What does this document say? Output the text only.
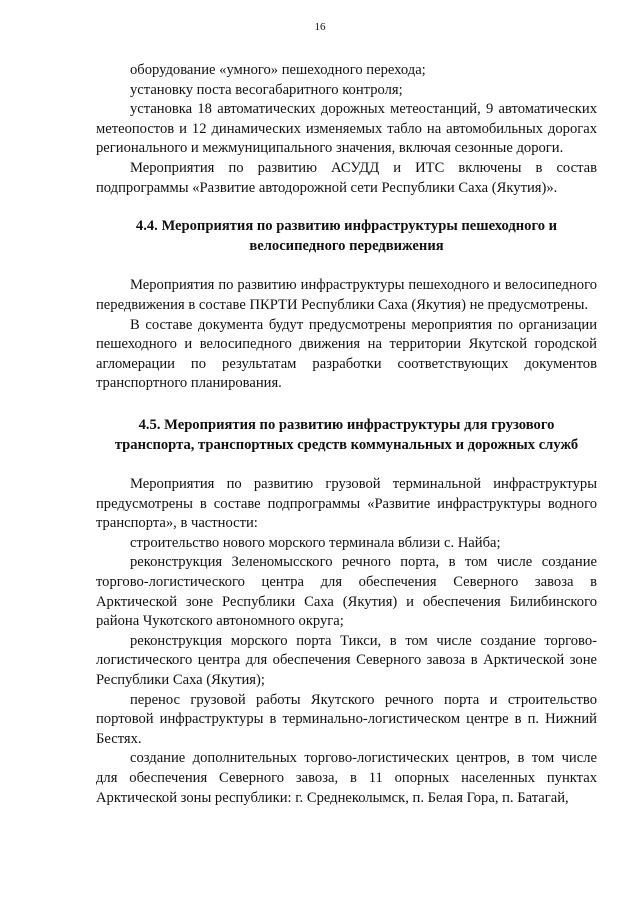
16

оборудование «умного» пешеходного перехода;

установку поста весогабаритного контроля;

установка 18 автоматических дорожных метеостанций, 9 автоматических метеопостов и 12 динамических изменяемых табло на автомобильных дорогах регионального и межмуниципального значения, включая сезонные дороги.

Мероприятия по развитию АСУДД и ИТС включены в состав подпрограммы «Развитие автодорожной сети Республики Саха (Якутия)».

4.4. Мероприятия по развитию инфраструктуры пешеходного и

велосипедного передвижения

Мероприятия по развитию инфраструктуры пешеходного и велосипедного передвижения в составе ПКРТИ Республики Саха (Якутия) не предусмотрены.

В составе документа будут предусмотрены мероприятия по организации пешеходного и велосипедного движения на территории Якутской городской агломерации по результатам разработки соответствующих документов транспортного планирования.

4.5. Мероприятия по развитию инфраструктуры для грузового

транспорта, транспортных средств коммунальных и дорожных служб

Мероприятия по развитию грузовой терминальной инфраструктуры предусмотрены в составе подпрограммы «Развитие инфраструктуры водного транспорта», в частности:

строительство нового морского терминала вблизи с. Найба;

реконструкция Зеленомысского речного порта, в том числе создание торгово-логистического центра для обеспечения Северного завоза в Арктической зоне Республики Саха (Якутия) и обеспечения Билибинского района Чукотского автономного округа;

реконструкция морского порта Тикси, в том числе создание торгово-логистического центра для обеспечения Северного завоза в Арктической зоне Республики Саха (Якутия);

перенос грузовой работы Якутского речного порта и строительство портовой инфраструктуры в терминально-логистическом центре в п. Нижний Бестях.

создание дополнительных торгово-логистических центров, в том числе для обеспечения Северного завоза, в 11 опорных населенных пунктах Арктической зоны республики: г. Среднеколымск, п. Белая Гора, п. Батагай,
